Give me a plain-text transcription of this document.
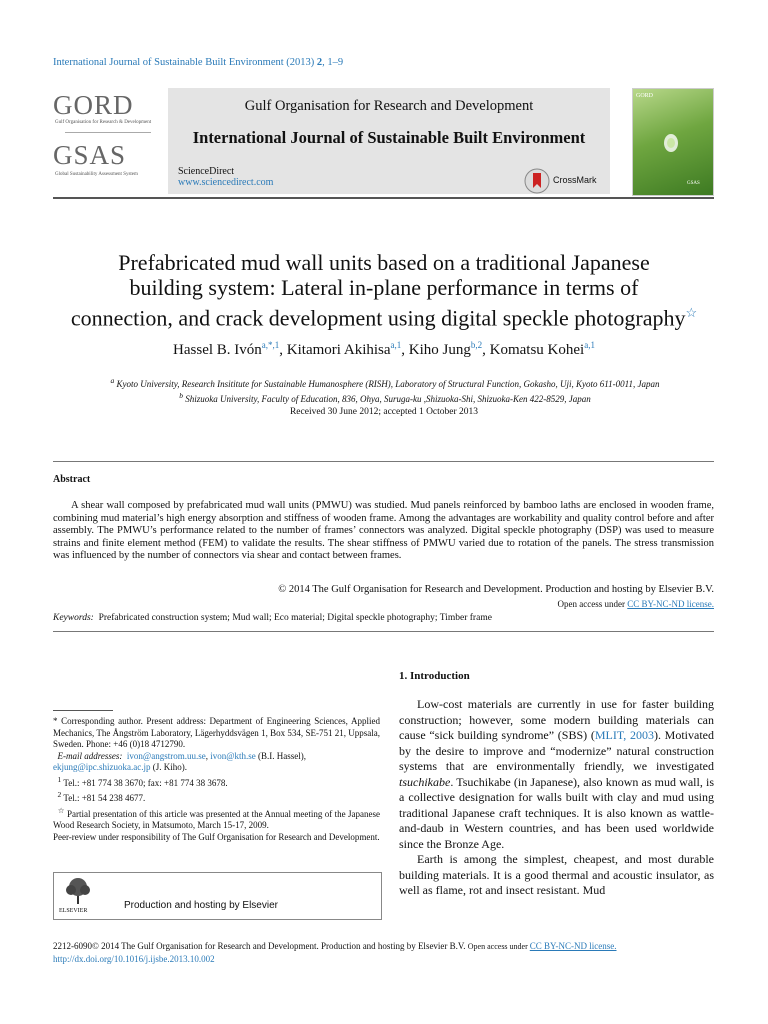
International Journal of Sustainable Built Environment (2013) 2, 1–9
GORD
Gulf Organisation for Research & Development
GSAS
Global Sustainability Assessment System
Gulf Organisation for Research and Development
International Journal of Sustainable Built Environment
ScienceDirect
www.sciencedirect.com	CrossMark
GORD
GSAS
Prefabricated mud wall units based on a traditional Japanese
building system: Lateral in-plane performance in terms of
connection, and crack development using digital speckle photography☆
Hassel B. Ivón$^{a,*,1}$, Kitamori Akihisa$^{a,1}$, Kiho Jung$^{b,2}$, Komatsu Kohei$^{a,1}$
$^a$ Kyoto University, Research Insititute for Sustainable Humanosphere (RISH), Laboratory of Structural Function, Gokasho, Uji, Kyoto 611-0011, Japan
$^b$ Shizuoka University, Faculty of Education, 836, Ohya, Suruga-ku ,Shizuoka-Shi, Shizuoka-Ken 422-8529, Japan
Received 30 June 2012; accepted 1 October 2013
Abstract
A shear wall composed by prefabricated mud wall units (PMWU) was studied. Mud panels reinforced by bamboo laths are enclosed in wooden frame, combining mud material’s high energy absorption and stiffness of wooden frame. Among the advantages are workability and quality control before and after assembly. The PMWU’s performance related to the number of frames’ connectors was analyzed. Digital speckle photography (DSP) was used to measure strains and finite element method (FEM) to validate the results. The shear stiffness of PMWU varied due to rotation of the panels. The stress transmission was influenced by the number of connectors via shear and contact between frames.
© 2014 The Gulf Organisation for Research and Development. Production and hosting by Elsevier B.V.
Open access under CC BY-NC-ND license.
Keywords: Prefabricated construction system; Mud wall; Eco material; Digital speckle photography; Timber frame
1. Introduction

Low-cost materials are currently in use for faster building construction; however, some modern building materials can cause “sick building syndrome” (SBS) (MLIT, 2003). Motivated by the desire to improve and “modernize” natural construction systems that are environmentally friendly, we investigated tsuchikabe. Tsuchikabe (in Japanese), also known as mud wall, is a collective designation for walls built with clay and mud using traditional Japanese craft techniques. It is also known as wattle-and-daub in Western countries, and has been used worldwide since the Bronze Age.

Earth is among the simplest, cheapest, and most durable building materials. It is a good thermal and acoustic insulator, as well as flame, rot and insect resistant. Mud

* Corresponding author. Present address: Department of Engineering Sciences, Applied Mechanics, The Ångström Laboratory, Lägerhyddsvägen 1, Box 534, SE-751 21, Uppsala, Sweden. Phone: +46 (0)18 4712790.

E-mail addresses: ivon@angstrom.uu.se, ivon@kth.se (B.I. Hassel),
ekjung@ipc.shizuoka.ac.jp (J. Kiho).

$^1$ Tel.: +81 774 38 3670; fax: +81 774 38 3678.

$^2$ Tel.: +81 54 238 4677.

☆ Partial presentation of this article was presented at the Annual meeting of the Japanese Wood Research Society, in Matsumoto, March 15-17, 2009.

Peer-review under responsibility of The Gulf Organisation for Research and Development.

ELSEVIER	Production and hosting by Elsevier
2212-6090© 2014 The Gulf Organisation for Research and Development. Production and hosting by Elsevier B.V. Open access under CC BY-NC-ND license.
http://dx.doi.org/10.1016/j.ijsbe.2013.10.002
